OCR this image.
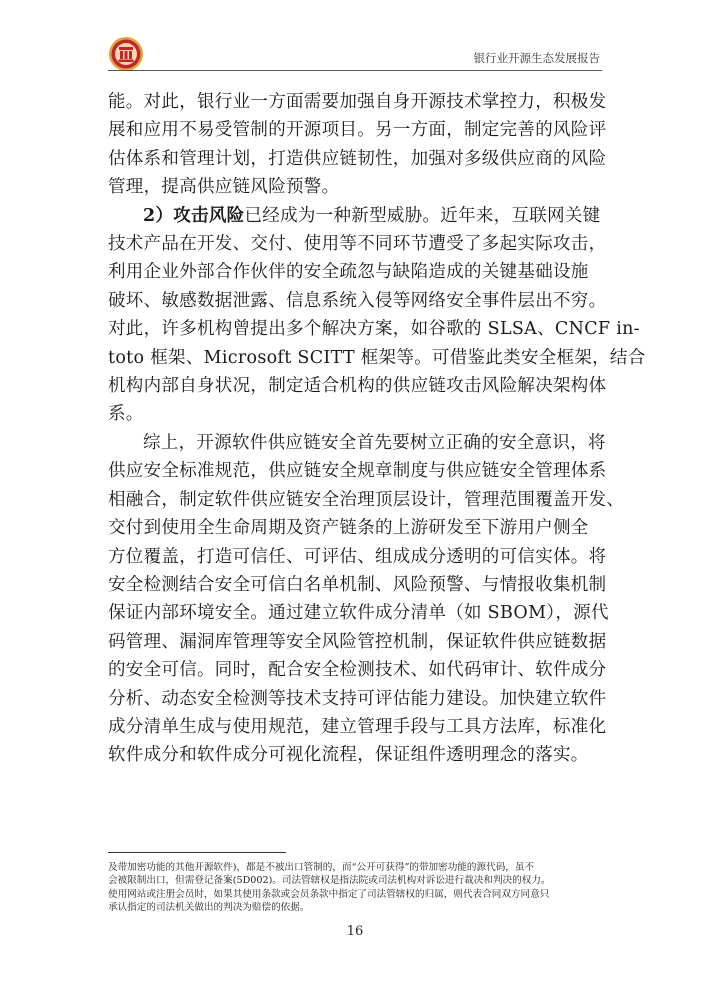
银行业开源生态发展报告

能。对此，银行业一方面需要加强自身开源技术掌控力，积极发
展和应用不易受管制的开源项目。另一方面，制定完善的风险评
估体系和管理计划，打造供应链韧性，加强对多级供应商的风险
管理，提高供应链风险预警。

2）攻击风险已经成为一种新型威胁。近年来，互联网关键
技术产品在开发、交付、使用等不同环节遭受了多起实际攻击，
利用企业外部合作伙伴的安全疏忽与缺陷造成的关键基础设施
破坏、敏感数据泄露、信息系统入侵等网络安全事件层出不穷。
对此，许多机构曾提出多个解决方案，如谷歌的 SLSA、CNCF in-
toto 框架、Microsoft SCITT 框架等。可借鉴此类安全框架，结合
机构内部自身状况，制定适合机构的供应链攻击风险解决架构体
系。

综上，开源软件供应链安全首先要树立正确的安全意识，将
供应安全标准规范，供应链安全规章制度与供应链安全管理体系
相融合，制定软件供应链安全治理顶层设计，管理范围覆盖开发、
交付到使用全生命周期及资产链条的上游研发至下游用户侧全
方位覆盖，打造可信任、可评估、组成成分透明的可信实体。将
安全检测结合安全可信白名单机制、风险预警、与情报收集机制
保证内部环境安全。通过建立软件成分清单（如 SBOM），源代
码管理、漏洞库管理等安全风险管控机制，保证软件供应链数据
的安全可信。同时，配合安全检测技术、如代码审计、软件成分
分析、动态安全检测等技术支持可评估能力建设。加快建立软件
成分清单生成与使用规范，建立管理手段与工具方法库，标准化
软件成分和软件成分可视化流程，保证组件透明理念的落实。

及带加密功能的其他开源软件)，都是不被出口管制的，而“公开可获得”的带加密功能的源代码，虽不
会被限制出口，但需登记备案(5D002)。司法管辖权是指法院或司法机构对诉讼进行裁决和判决的权力。
使用网站或注册会员时，如果其使用条款或会员条款中指定了司法管辖权的归属，则代表合同双方同意只
承认指定的司法机关做出的判决为赔偿的依据。
16
